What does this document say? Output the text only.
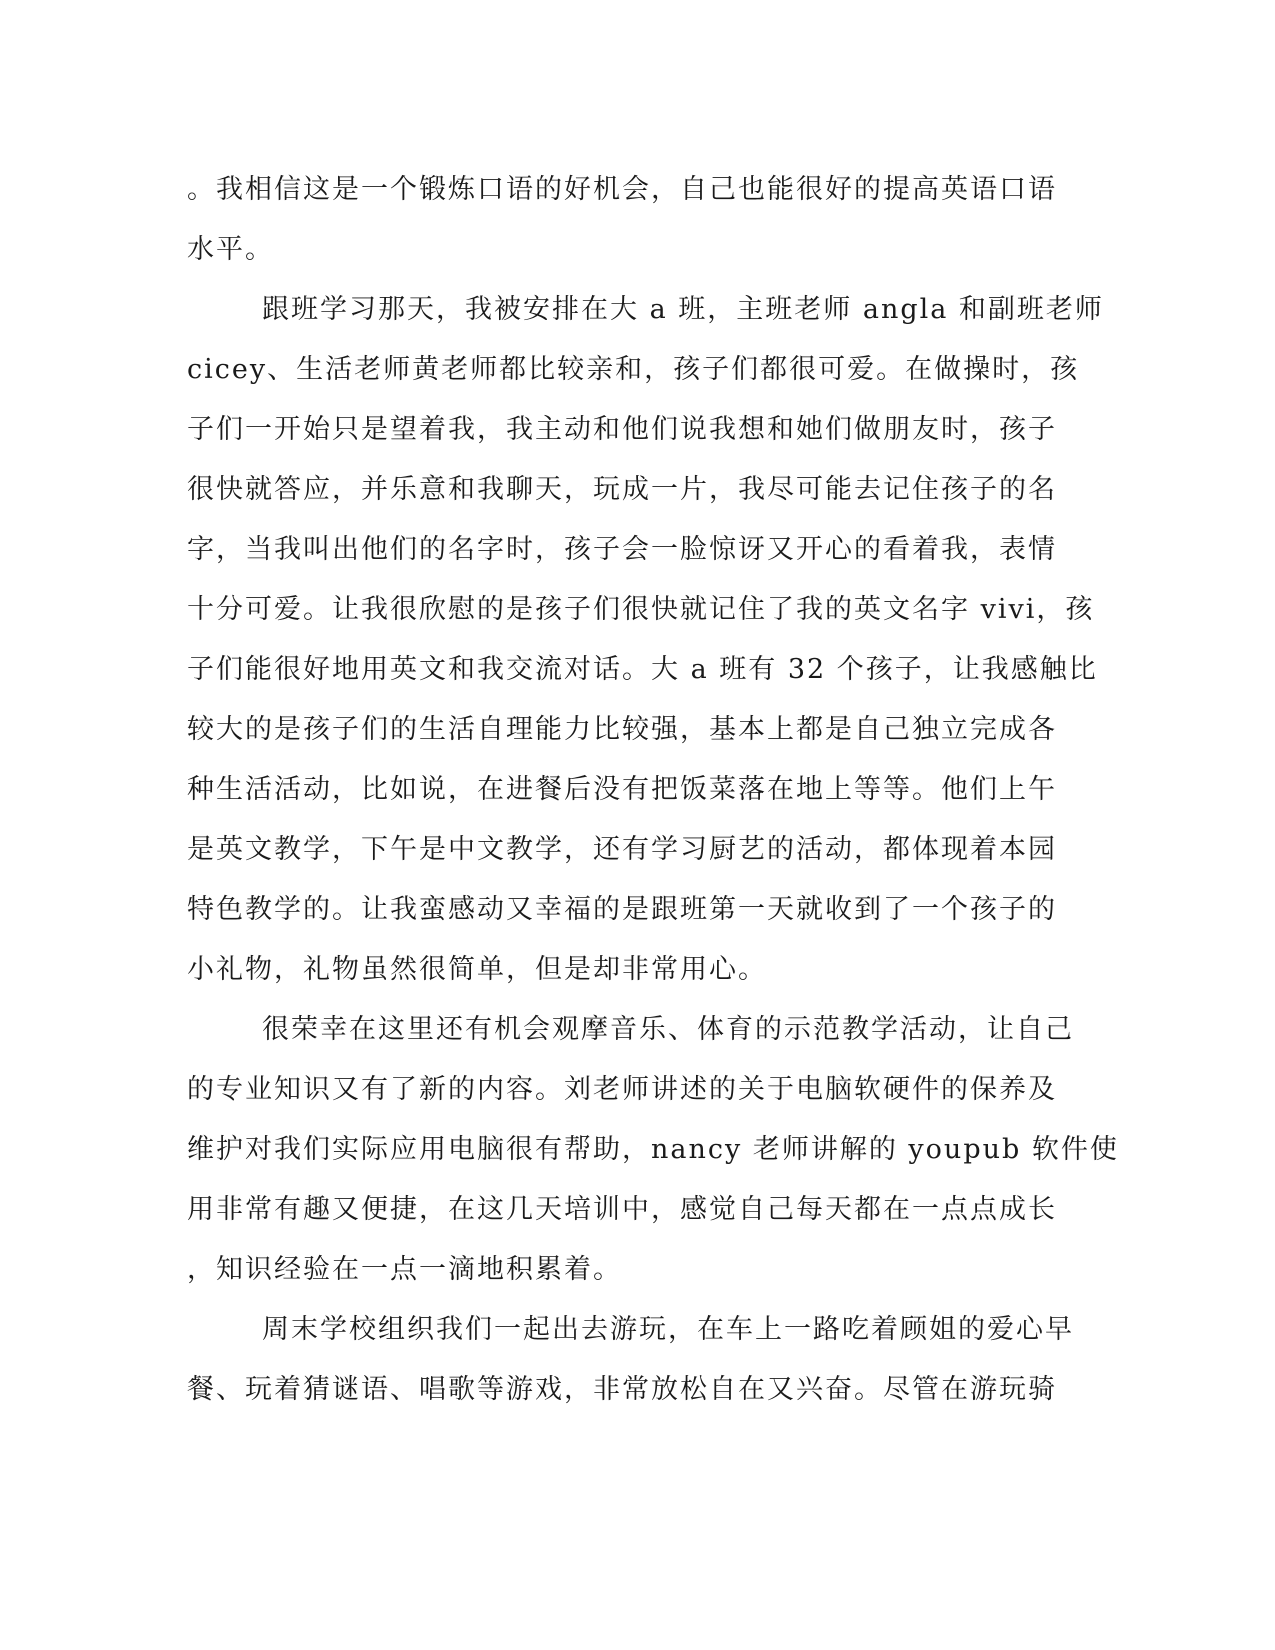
。我相信这是一个锻炼口语的好机会，自己也能很好的提高英语口语
水平。
跟班学习那天，我被安排在大 a 班，主班老师 angla 和副班老师
cicey、生活老师黄老师都比较亲和，孩子们都很可爱。在做操时，孩
子们一开始只是望着我，我主动和他们说我想和她们做朋友时，孩子
很快就答应，并乐意和我聊天，玩成一片，我尽可能去记住孩子的名
字，当我叫出他们的名字时，孩子会一脸惊讶又开心的看着我，表情
十分可爱。让我很欣慰的是孩子们很快就记住了我的英文名字 vivi，孩
子们能很好地用英文和我交流对话。大 a 班有 32 个孩子，让我感触比
较大的是孩子们的生活自理能力比较强，基本上都是自己独立完成各
种生活活动，比如说，在进餐后没有把饭菜落在地上等等。他们上午
是英文教学，下午是中文教学，还有学习厨艺的活动，都体现着本园
特色教学的。让我蛮感动又幸福的是跟班第一天就收到了一个孩子的
小礼物，礼物虽然很简单，但是却非常用心。
很荣幸在这里还有机会观摩音乐、体育的示范教学活动，让自己
的专业知识又有了新的内容。刘老师讲述的关于电脑软硬件的保养及
维护对我们实际应用电脑很有帮助，nancy 老师讲解的 youpub 软件使
用非常有趣又便捷，在这几天培训中，感觉自己每天都在一点点成长
，知识经验在一点一滴地积累着。
周末学校组织我们一起出去游玩，在车上一路吃着顾姐的爱心早
餐、玩着猜谜语、唱歌等游戏，非常放松自在又兴奋。尽管在游玩骑
